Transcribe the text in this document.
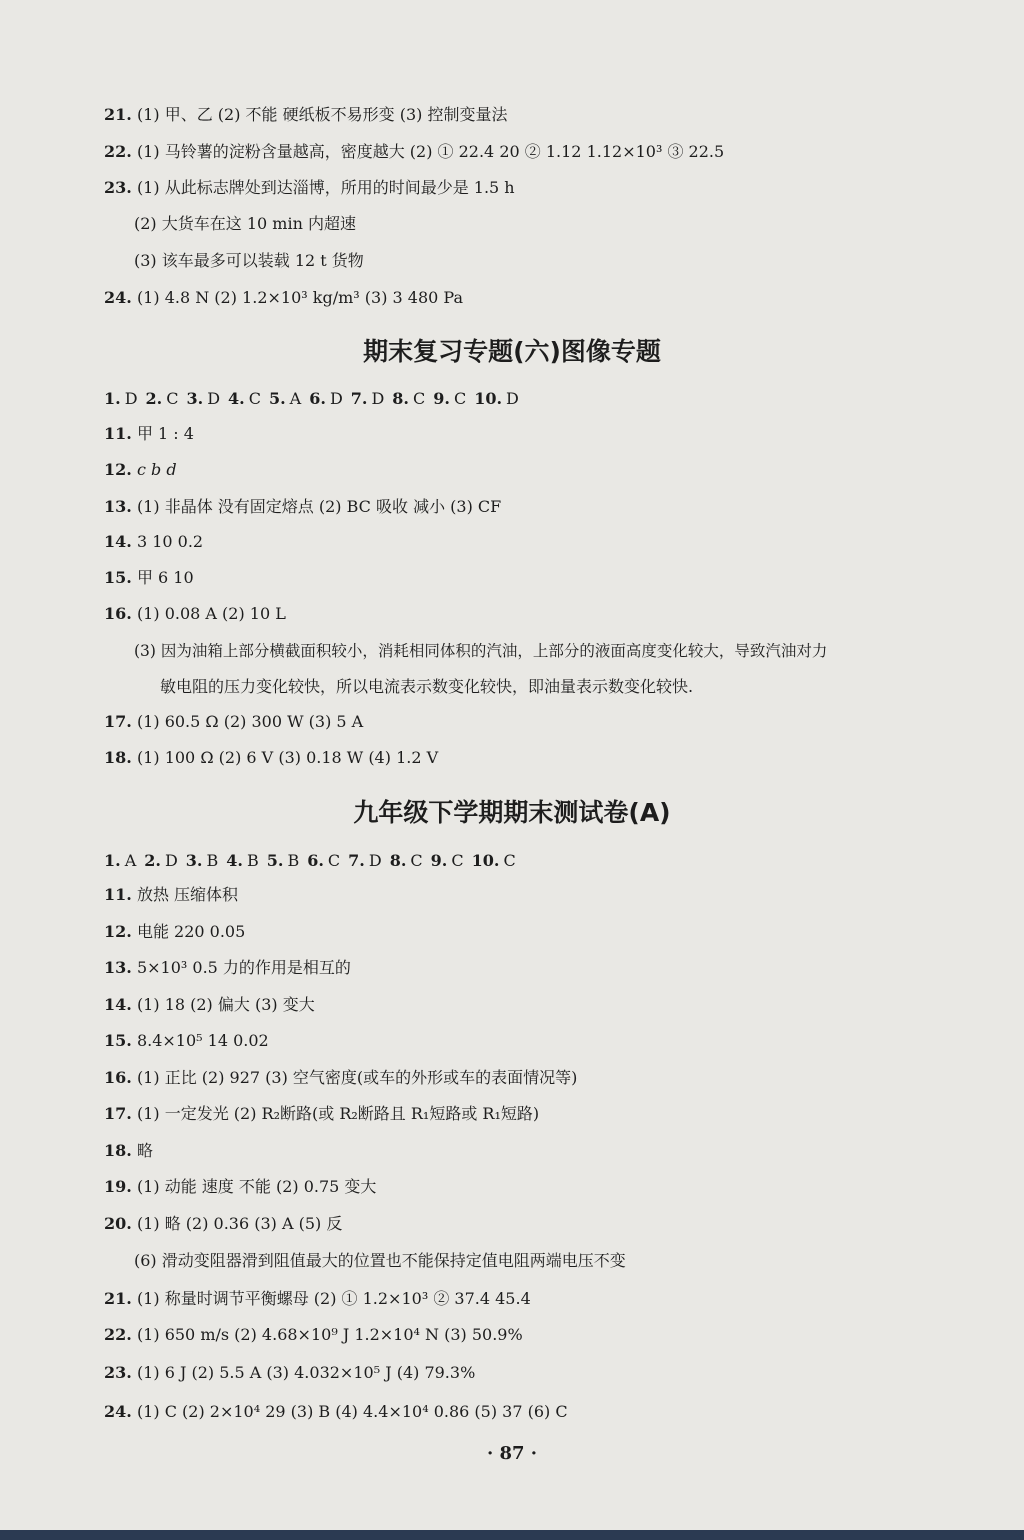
21. (1) 甲、乙 (2) 不能 硬纸板不易形变 (3) 控制变量法
22. (1) 马铃薯的淀粉含量越高，密度越大 (2) ① 22.4 20 ② 1.12 1.12×10³ ③ 22.5
23. (1) 从此标志牌处到达淄博，所用的时间最少是 1.5 h
(2) 大货车在这 10 min 内超速
(3) 该车最多可以装载 12 t 货物
24. (1) 4.8 N (2) 1.2×10³ kg/m³ (3) 3 480 Pa
期末复习专题(六)图像专题
1. D 2. C 3. D 4. C 5. A 6. D 7. D 8. C 9. C 10. D
11. 甲 1 : 4
12. c b d
13. (1) 非晶体 没有固定熔点 (2) BC 吸收 减小 (3) CF
14. 3 10 0.2
15. 甲 6 10
16. (1) 0.08 A (2) 10 L
(3) 因为油箱上部分横截面积较小，消耗相同体积的汽油，上部分的液面高度变化较大，导致汽油对力
敏电阻的压力变化较快，所以电流表示数变化较快，即油量表示数变化较快.
17. (1) 60.5 Ω (2) 300 W (3) 5 A
18. (1) 100 Ω (2) 6 V (3) 0.18 W (4) 1.2 V
九年级下学期期末测试卷(A)
1. A 2. D 3. B 4. B 5. B 6. C 7. D 8. C 9. C 10. C
11. 放热 压缩体积
12. 电能 220 0.05
13. 5×10³ 0.5 力的作用是相互的
14. (1) 18 (2) 偏大 (3) 变大
15. 8.4×10⁵ 14 0.02
16. (1) 正比 (2) 927 (3) 空气密度(或车的外形或车的表面情况等)
17. (1) 一定发光 (2) R₂断路(或 R₂断路且 R₁短路或 R₁短路)
18. 略
19. (1) 动能 速度 不能 (2) 0.75 变大
20. (1) 略 (2) 0.36 (3) A (5) 反
(6) 滑动变阻器滑到阻值最大的位置也不能保持定值电阻两端电压不变
21. (1) 称量时调节平衡螺母 (2) ① 1.2×10³ ② 37.4 45.4
22. (1) 650 m/s (2) 4.68×10⁹ J 1.2×10⁴ N (3) 50.9%
23. (1) 6 J (2) 5.5 A (3) 4.032×10⁵ J (4) 79.3%
24. (1) C (2) 2×10⁴ 29 (3) B (4) 4.4×10⁴ 0.86 (5) 37 (6) C
· 87 ·
